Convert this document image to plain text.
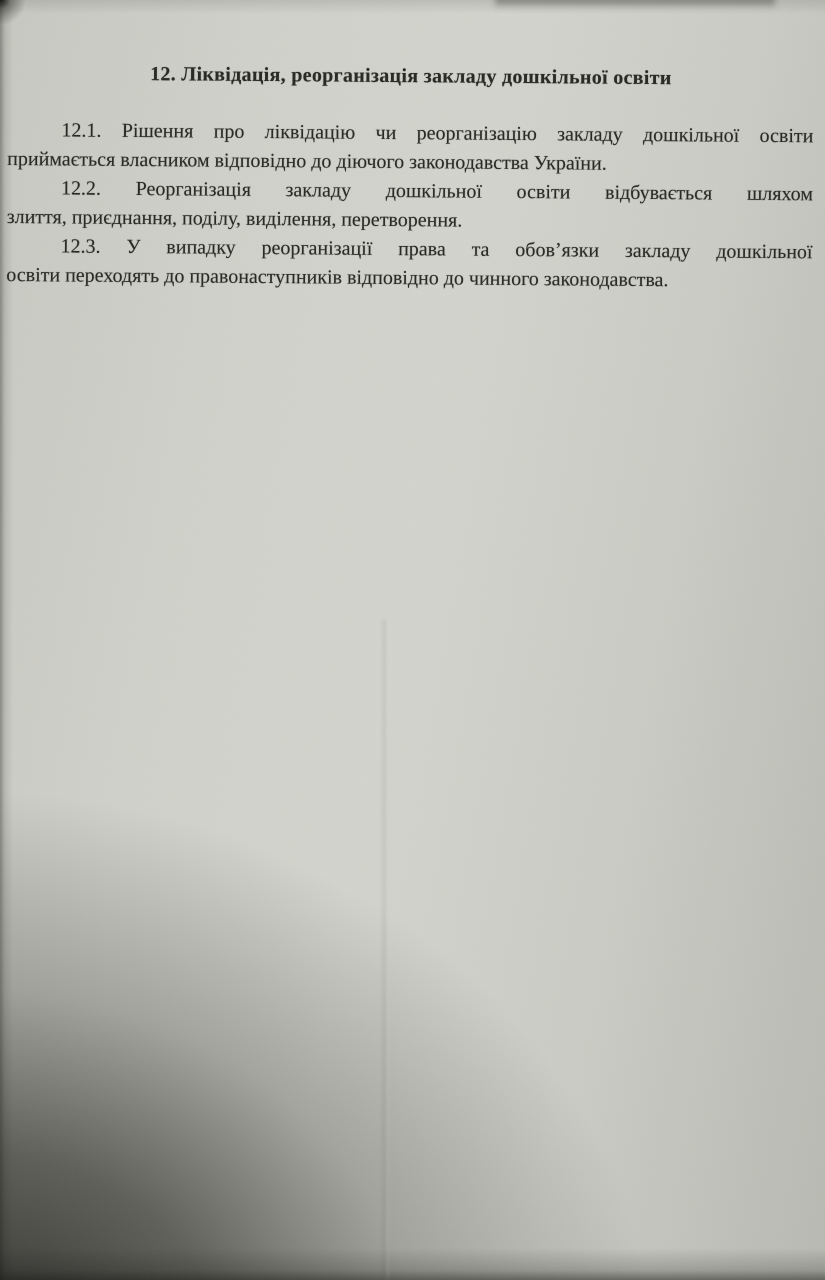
12. Ліквідація, реорганізація закладу дошкільної освіти

12.1. Рішення про ліквідацію чи реорганізацію закладу дошкільної освіти
приймається власником відповідно до діючого законодавства України.

12.2. Реорганізація закладу дошкільної освіти відбувається шляхом
злиття, приєднання, поділу, виділення, перетворення.

12.3. У випадку реорганізації права та обов’язки закладу дошкільної
освіти переходять до правонаступників відповідно до чинного законодавства.
